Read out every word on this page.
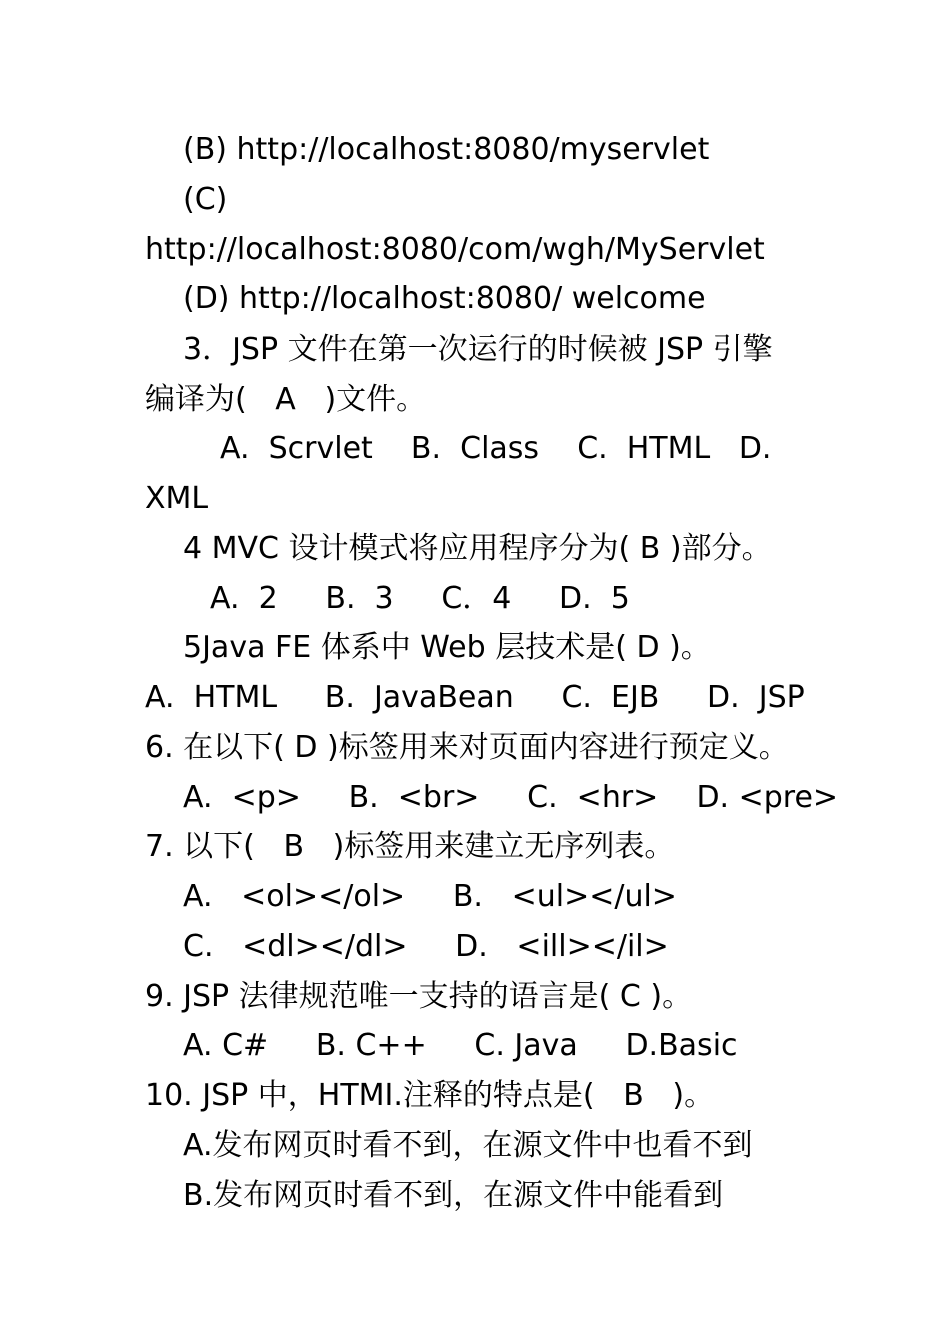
(B) http://localhost:8080/myservlet
(C)
http://localhost:8080/com/wgh/MyServlet
(D) http://localhost:8080/ welcome
3．JSP 文件在第一次运行的时候被 JSP 引擎
编译为(   A   )文件。
A.  Scrvlet    B.  Class    C.  HTML   D.
XML
4 MVC 设计模式将应用程序分为( B )部分。
A.  2     B.  3     C．4     D.  5
5Java FE 体系中 Web 层技术是( D )。
A.  HTML     B.  JavaBean     C.  EJB     D.  JSP
6. 在以下( D )标签用来对页面内容进行预定义。
A.  <p>     B.  <br>     C.  <hr>    D. <pre>
7. 以下(   B   )标签用来建立无序列表。
A.   <ol></ol>     B.   <ul></ul>
C.   <dl></dl>     D.   <ill></il>
9. JSP 法律规范唯一支持的语言是( C )。
A. C#     B. C++     C. Java     D.Basic
10. JSP 中，HTMI.注释的特点是(   B   )。
A.发布网页时看不到，在源文件中也看不到
B.发布网页时看不到，在源文件中能看到
